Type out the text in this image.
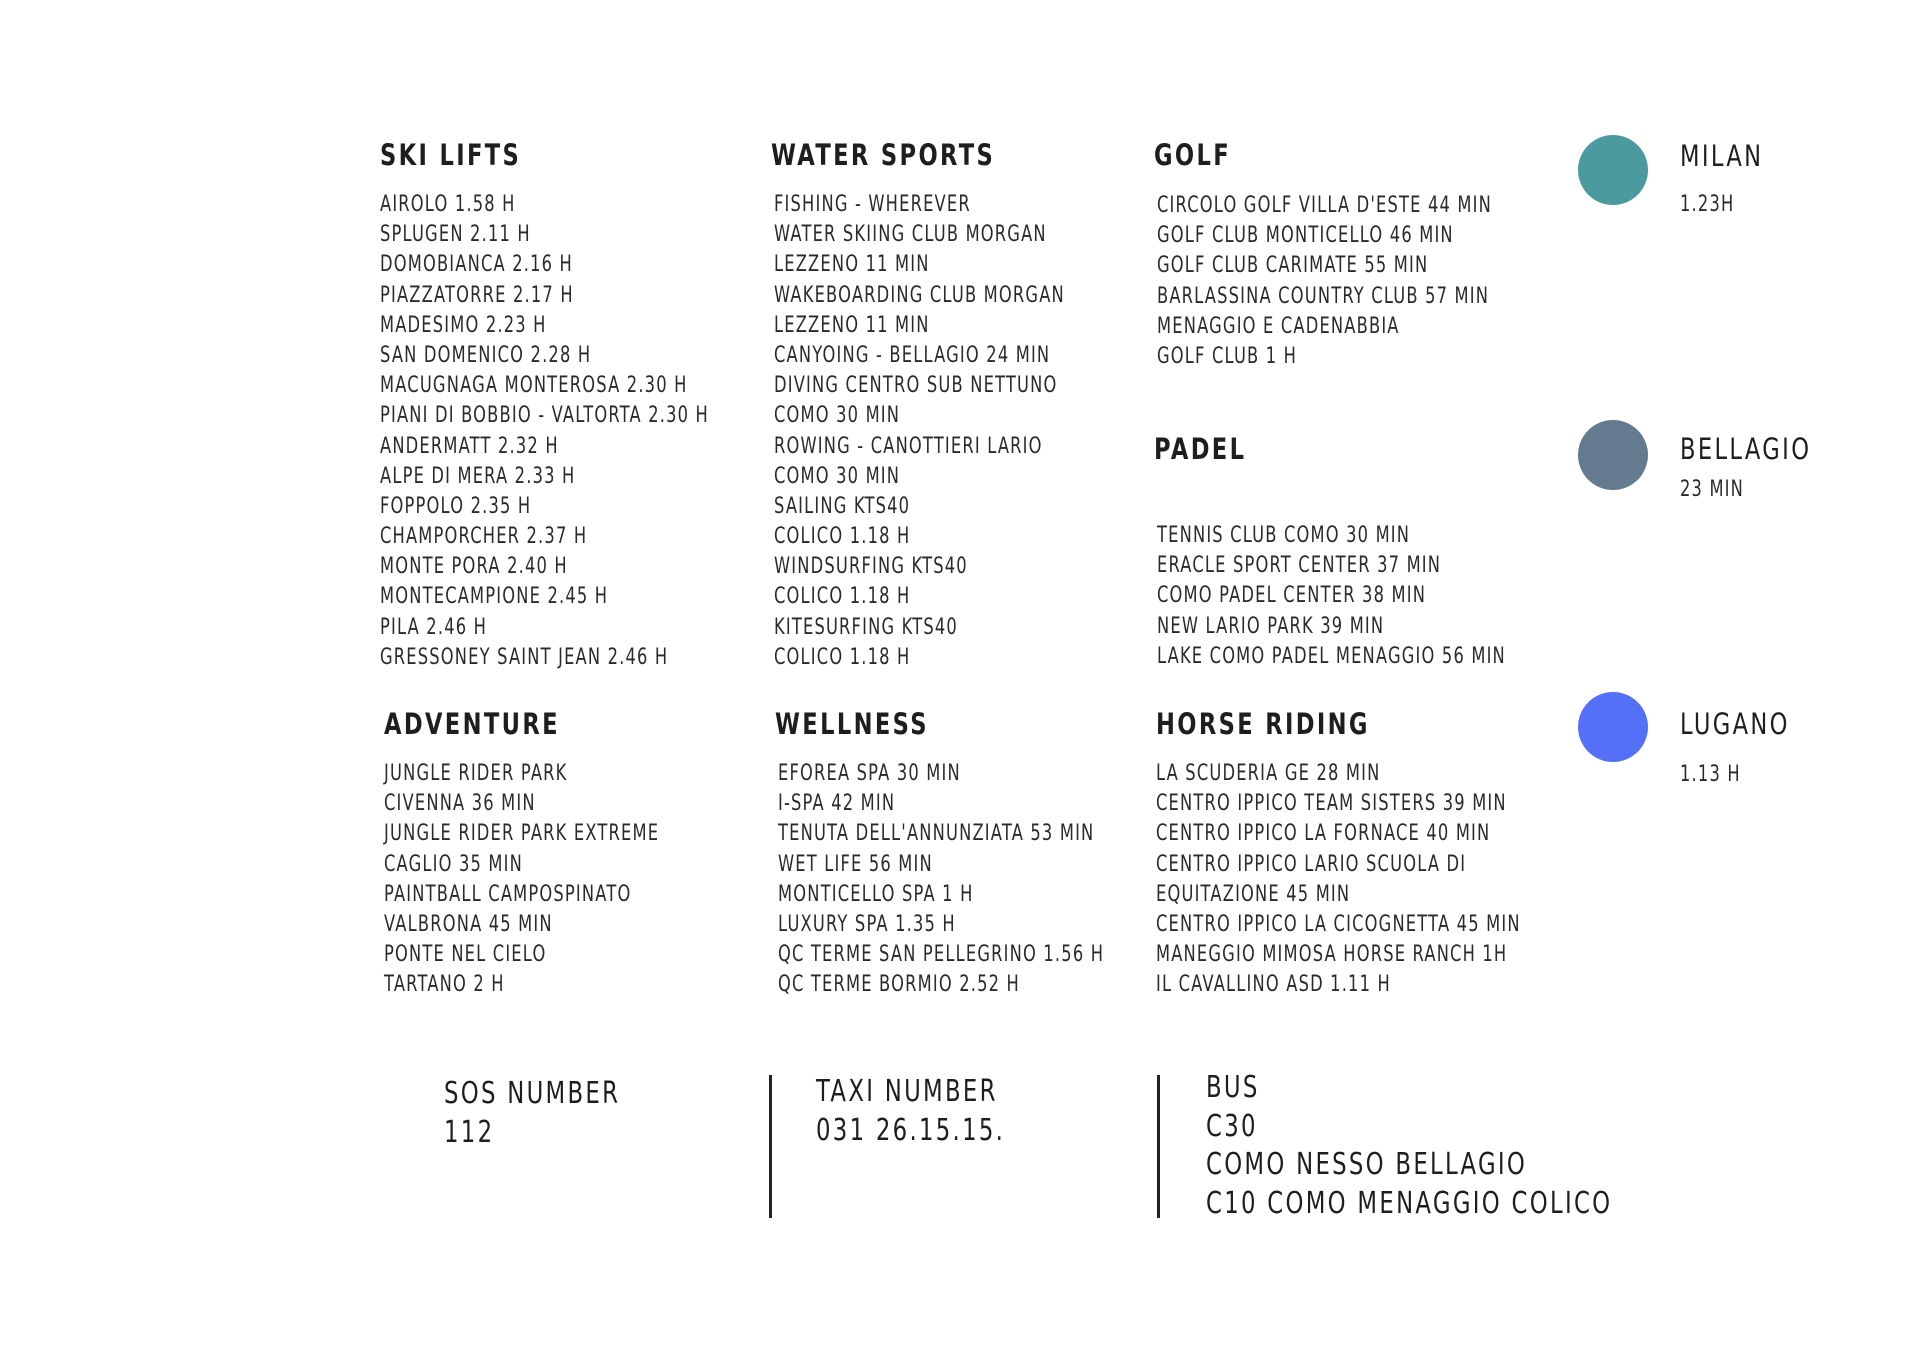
SKI LIFTS
AIROLO 1.58 H
SPLUGEN 2.11 H
DOMOBIANCA 2.16 H
PIAZZATORRE 2.17 H
MADESIMO 2.23 H
SAN DOMENICO 2.28 H
MACUGNAGA MONTEROSA 2.30 H
PIANI DI BOBBIO - VALTORTA 2.30 H
ANDERMATT 2.32 H
ALPE DI MERA 2.33 H
FOPPOLO 2.35 H
CHAMPORCHER 2.37 H
MONTE PORA 2.40 H
MONTECAMPIONE 2.45 H
PILA 2.46 H
GRESSONEY SAINT JEAN 2.46 H
WATER SPORTS
FISHING - WHEREVER
WATER SKIING CLUB MORGAN
LEZZENO 11 MIN
WAKEBOARDING CLUB MORGAN
LEZZENO 11 MIN
CANYOING - BELLAGIO 24 MIN
DIVING CENTRO SUB NETTUNO
COMO 30 MIN
ROWING - CANOTTIERI LARIO
COMO 30 MIN
SAILING KTS40
COLICO 1.18 H
WINDSURFING KTS40
COLICO 1.18 H
KITESURFING KTS40
COLICO 1.18 H
GOLF
CIRCOLO GOLF VILLA D'ESTE 44 MIN
GOLF CLUB MONTICELLO 46 MIN
GOLF CLUB CARIMATE 55 MIN
BARLASSINA COUNTRY CLUB 57 MIN
MENAGGIO E CADENABBIA
GOLF CLUB 1 H
PADEL
TENNIS CLUB COMO 30 MIN
ERACLE SPORT CENTER 37 MIN
COMO PADEL CENTER 38 MIN
NEW LARIO PARK 39 MIN
LAKE COMO PADEL MENAGGIO 56 MIN
ADVENTURE
JUNGLE RIDER PARK
CIVENNA 36 MIN
JUNGLE RIDER PARK EXTREME
CAGLIO 35 MIN
PAINTBALL CAMPOSPINATO
VALBRONA 45 MIN
PONTE NEL CIELO
TARTANO 2 H
WELLNESS
EFOREA SPA 30 MIN
I-SPA 42 MIN
TENUTA DELL'ANNUNZIATA 53 MIN
WET LIFE 56 MIN
MONTICELLO SPA 1 H
LUXURY SPA 1.35 H
QC TERME SAN PELLEGRINO 1.56 H
QC TERME BORMIO 2.52 H
HORSE RIDING
LA SCUDERIA GE 28 MIN
CENTRO IPPICO TEAM SISTERS 39 MIN
CENTRO IPPICO LA FORNACE 40 MIN
CENTRO IPPICO LARIO SCUOLA DI
EQUITAZIONE 45 MIN
CENTRO IPPICO LA CICOGNETTA 45 MIN
MANEGGIO MIMOSA HORSE RANCH 1H
IL CAVALLINO ASD 1.11 H
MILAN
1.23H
BELLAGIO
23 MIN
LUGANO
1.13 H
SOS NUMBER
112
TAXI NUMBER
031 26.15.15.
BUS
C30
COMO NESSO BELLAGIO
C10 COMO MENAGGIO COLICO
